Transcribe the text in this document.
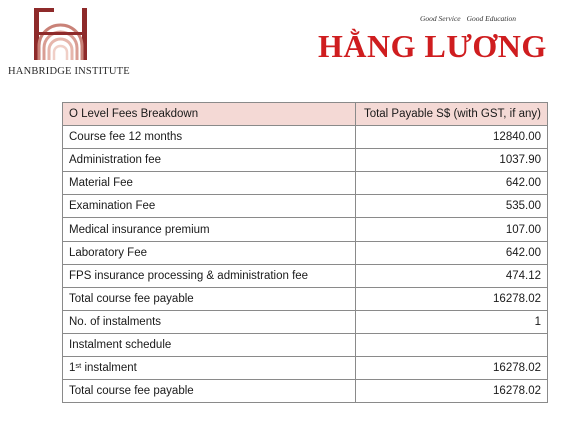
HANBRIDGE INSTITUTE
Good Service Good Education
HẰNG LƯƠNG
O Level Fees Breakdown	Total Payable S$ (with GST, if any)
Course fee 12 months	12840.00
Administration fee	1037.90
Material Fee	642.00
Examination Fee	535.00
Medical insurance premium	107.00
Laboratory Fee	642.00
FPS insurance processing & administration fee	474.12
Total course fee payable	16278.02
No. of instalments	1
Instalment schedule	
1st instalment	16278.02
Total course fee payable	16278.02
